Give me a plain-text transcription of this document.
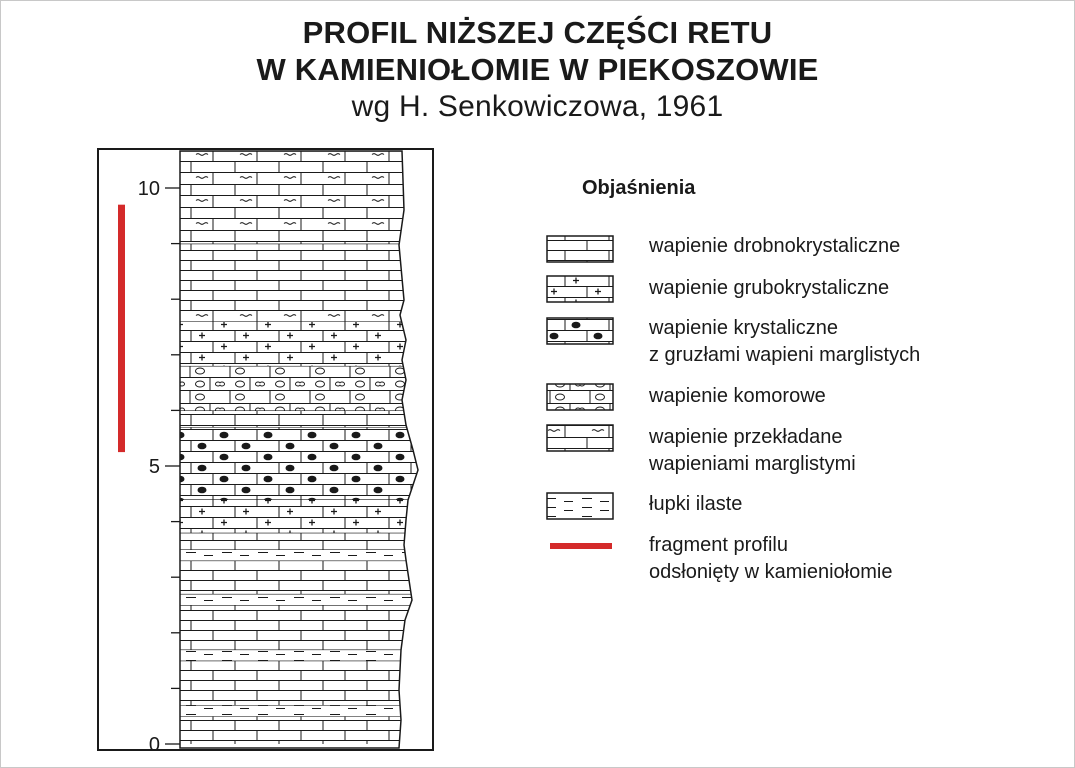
PROFIL NIŻSZEJ CZĘŚCI RETU
W KAMIENIOŁOMIE W PIEKOSZOWIE
wg H. Senkowiczowa, 1961
10
5
0
Objaśnienia
wapienie drobnokrystaliczne
wapienie grubokrystaliczne
wapienie krystaliczne
z gruzłami wapieni marglistych
wapienie komorowe
wapienie przekładane
wapieniami marglistymi
łupki ilaste
fragment profilu
odsłonięty w kamieniołomie
